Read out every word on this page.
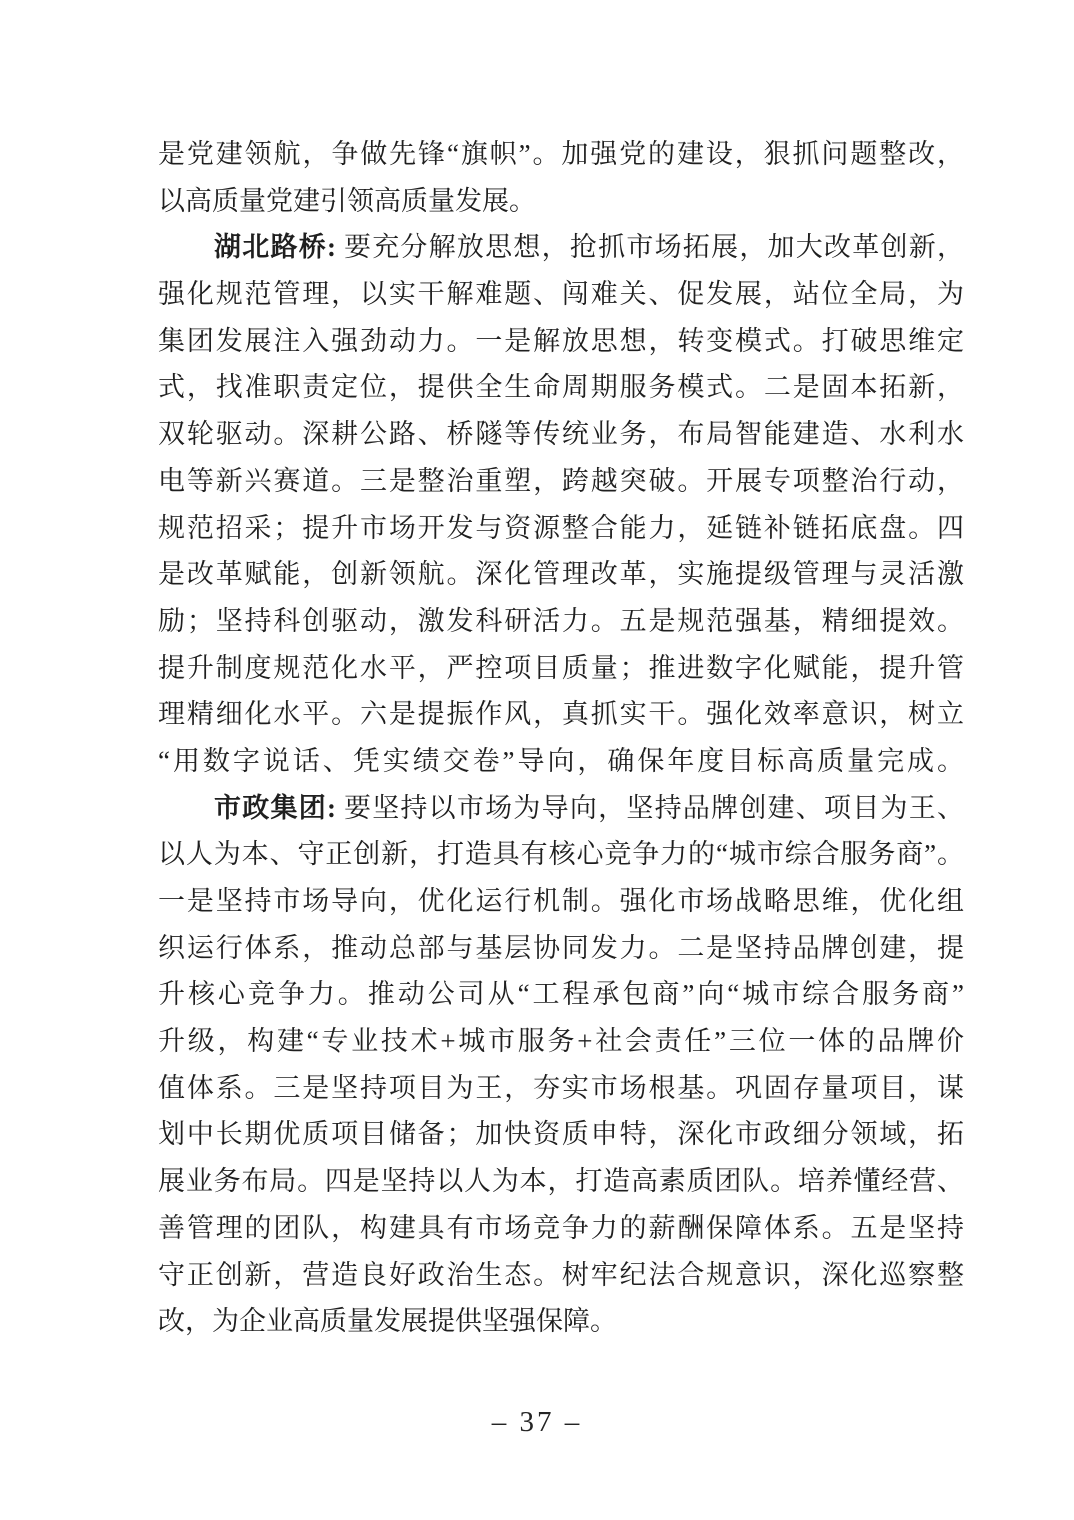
是党建领航，争做先锋“旗帜”。加强党的建设，狠抓问题整改，
以高质量党建引领高质量发展。
湖北路桥: 要充分解放思想，抢抓市场拓展，加大改革创新，
强化规范管理，以实干解难题、闯难关、促发展，站位全局，为
集团发展注入强劲动力。一是解放思想，转变模式。打破思维定
式，找准职责定位，提供全生命周期服务模式。二是固本拓新，
双轮驱动。深耕公路、桥隧等传统业务，布局智能建造、水利水
电等新兴赛道。三是整治重塑，跨越突破。开展专项整治行动，
规范招采；提升市场开发与资源整合能力，延链补链拓底盘。四
是改革赋能，创新领航。深化管理改革，实施提级管理与灵活激
励；坚持科创驱动，激发科研活力。五是规范强基，精细提效。
提升制度规范化水平，严控项目质量；推进数字化赋能，提升管
理精细化水平。六是提振作风，真抓实干。强化效率意识，树立
“用数字说话、凭实绩交卷”导向，确保年度目标高质量完成。
市政集团: 要坚持以市场为导向，坚持品牌创建、项目为王、
以人为本、守正创新，打造具有核心竞争力的“城市综合服务商”。
一是坚持市场导向，优化运行机制。强化市场战略思维，优化组
织运行体系，推动总部与基层协同发力。二是坚持品牌创建，提
升核心竞争力。推动公司从“工程承包商”向“城市综合服务商”
升级，构建“专业技术+城市服务+社会责任”三位一体的品牌价
值体系。三是坚持项目为王，夯实市场根基。巩固存量项目，谋
划中长期优质项目储备；加快资质申特，深化市政细分领域，拓
展业务布局。四是坚持以人为本，打造高素质团队。培养懂经营、
善管理的团队，构建具有市场竞争力的薪酬保障体系。五是坚持
守正创新，营造良好政治生态。树牢纪法合规意识，深化巡察整
改，为企业高质量发展提供坚强保障。
– 37 –
